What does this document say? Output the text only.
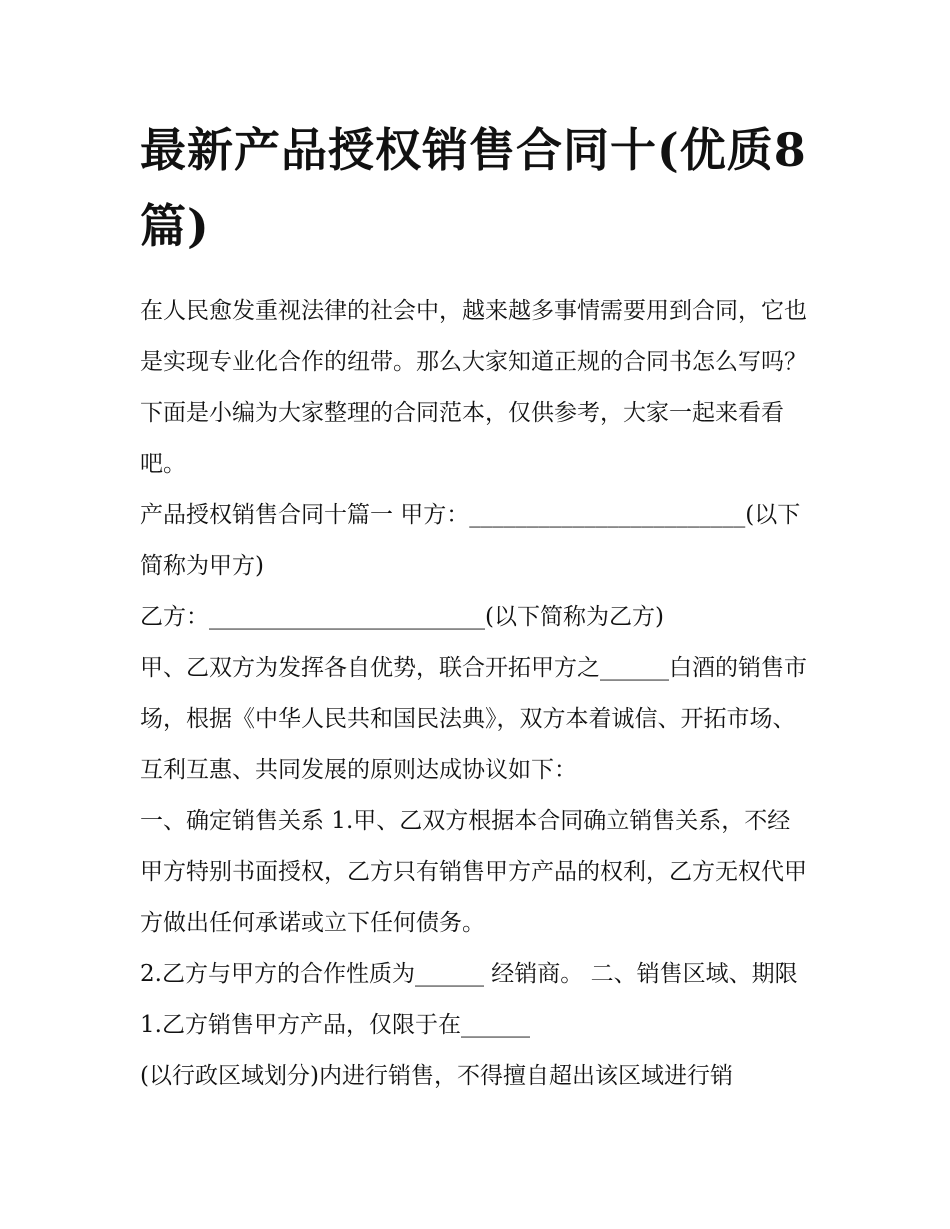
最新产品授权销售合同十(优质8篇)

在人民愈发重视法律的社会中，越来越多事情需要用到合同，它也是实现专业化合作的纽带。那么大家知道正规的合同书怎么写吗？下面是小编为大家整理的合同范本，仅供参考，大家一起来看看吧。

产品授权销售合同十篇一 甲方：________________________(以下简称为甲方)

乙方：________________________(以下简称为乙方)

甲、乙双方为发挥各自优势，联合开拓甲方之______白酒的销售市场，根据《中华人民共和国民法典》，双方本着诚信、开拓市场、互利互惠、共同发展的原则达成协议如下：

一、确定销售关系 1.甲、乙双方根据本合同确立销售关系，不经甲方特别书面授权，乙方只有销售甲方产品的权利，乙方无权代甲方做出任何承诺或立下任何债务。

2.乙方与甲方的合作性质为______ 经销商。 二、销售区域、期限 1.乙方销售甲方产品，仅限于在______

(以行政区域划分)内进行销售，不得擅自超出该区域进行销
